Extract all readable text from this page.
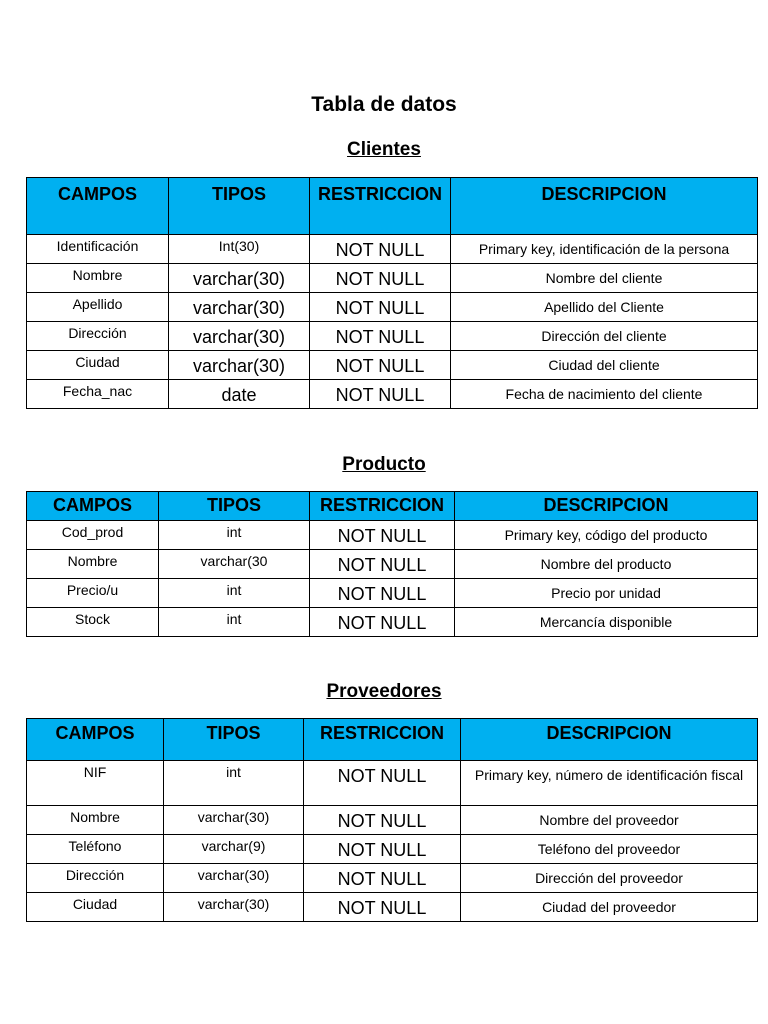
Tabla de datos
Clientes
CAMPOS	TIPOS	RESTRICCION	DESCRIPCION
Identificación	Int(30)	NOT NULL	Primary key, identificación de la persona
Nombre	varchar(30)	NOT NULL	Nombre del cliente
Apellido	varchar(30)	NOT NULL	Apellido del Cliente
Dirección	varchar(30)	NOT NULL	Dirección del cliente
Ciudad	varchar(30)	NOT NULL	Ciudad del cliente
Fecha_nac	date	NOT NULL	Fecha de nacimiento del cliente
Producto
CAMPOS	TIPOS	RESTRICCION	DESCRIPCION
Cod_prod	int	NOT NULL	Primary key, código del producto
Nombre	varchar(30	NOT NULL	Nombre del producto
Precio/u	int	NOT NULL	Precio por unidad
Stock	int	NOT NULL	Mercancía disponible
Proveedores
CAMPOS	TIPOS	RESTRICCION	DESCRIPCION
NIF	int	NOT NULL	Primary key, número de identificación fiscal
Nombre	varchar(30)	NOT NULL	Nombre del proveedor
Teléfono	varchar(9)	NOT NULL	Teléfono del proveedor
Dirección	varchar(30)	NOT NULL	Dirección del proveedor
Ciudad	varchar(30)	NOT NULL	Ciudad del proveedor
